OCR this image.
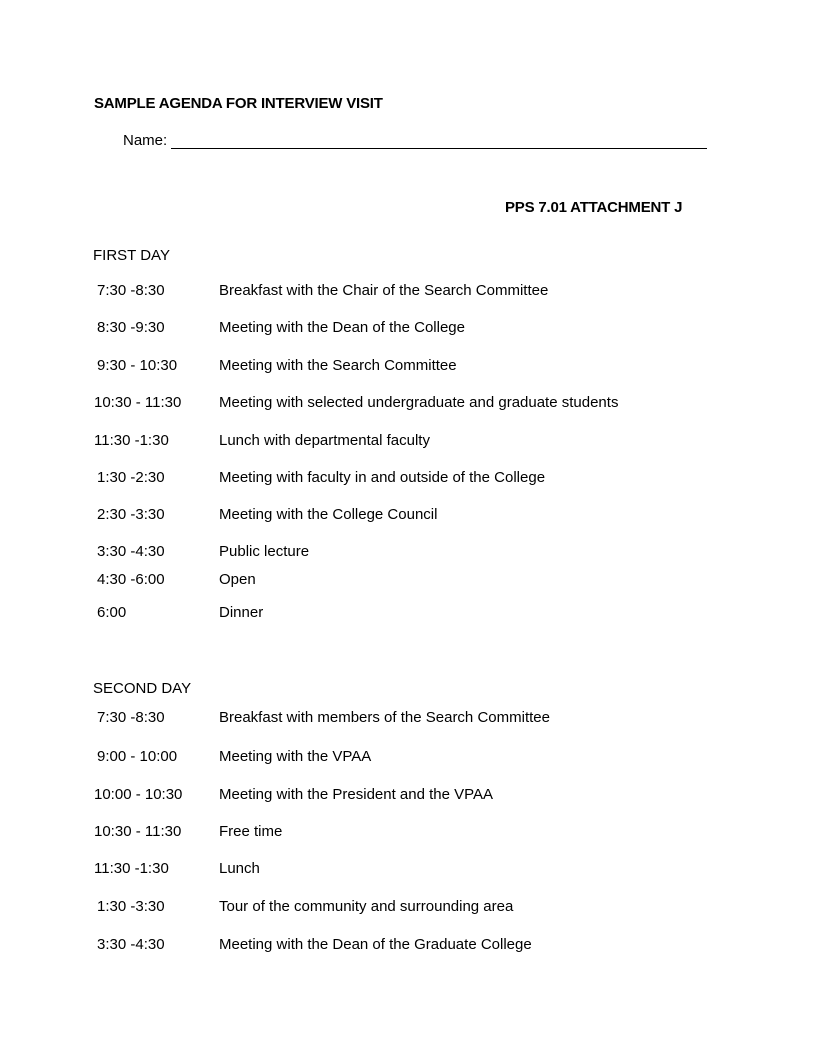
SAMPLE AGENDA FOR INTERVIEW VISIT
Name:
PPS 7.01 ATTACHMENT J
FIRST DAY
7:30 -8:30	Breakfast with the Chair of the Search Committee
8:30 -9:30	Meeting with the Dean of the College
9:30 - 10:30	Meeting with the Search Committee
10:30 - 11:30	Meeting with selected undergraduate and graduate students
11:30 -1:30	Lunch with departmental faculty
1:30 -2:30	Meeting with faculty in and outside of the College
2:30 -3:30	Meeting with the College Council
3:30 -4:30	Public lecture
4:30 -6:00	Open
6:00	Dinner
SECOND DAY
7:30 -8:30	Breakfast with members of the Search Committee
9:00 - 10:00	Meeting with the VPAA
10:00 - 10:30 Meeting with the President and the VPAA
10:30 - 11:30	Free time
11:30 -1:30	Lunch
1:30 -3:30	Tour of the community and surrounding area
3:30 -4:30	Meeting with the Dean of the Graduate College
